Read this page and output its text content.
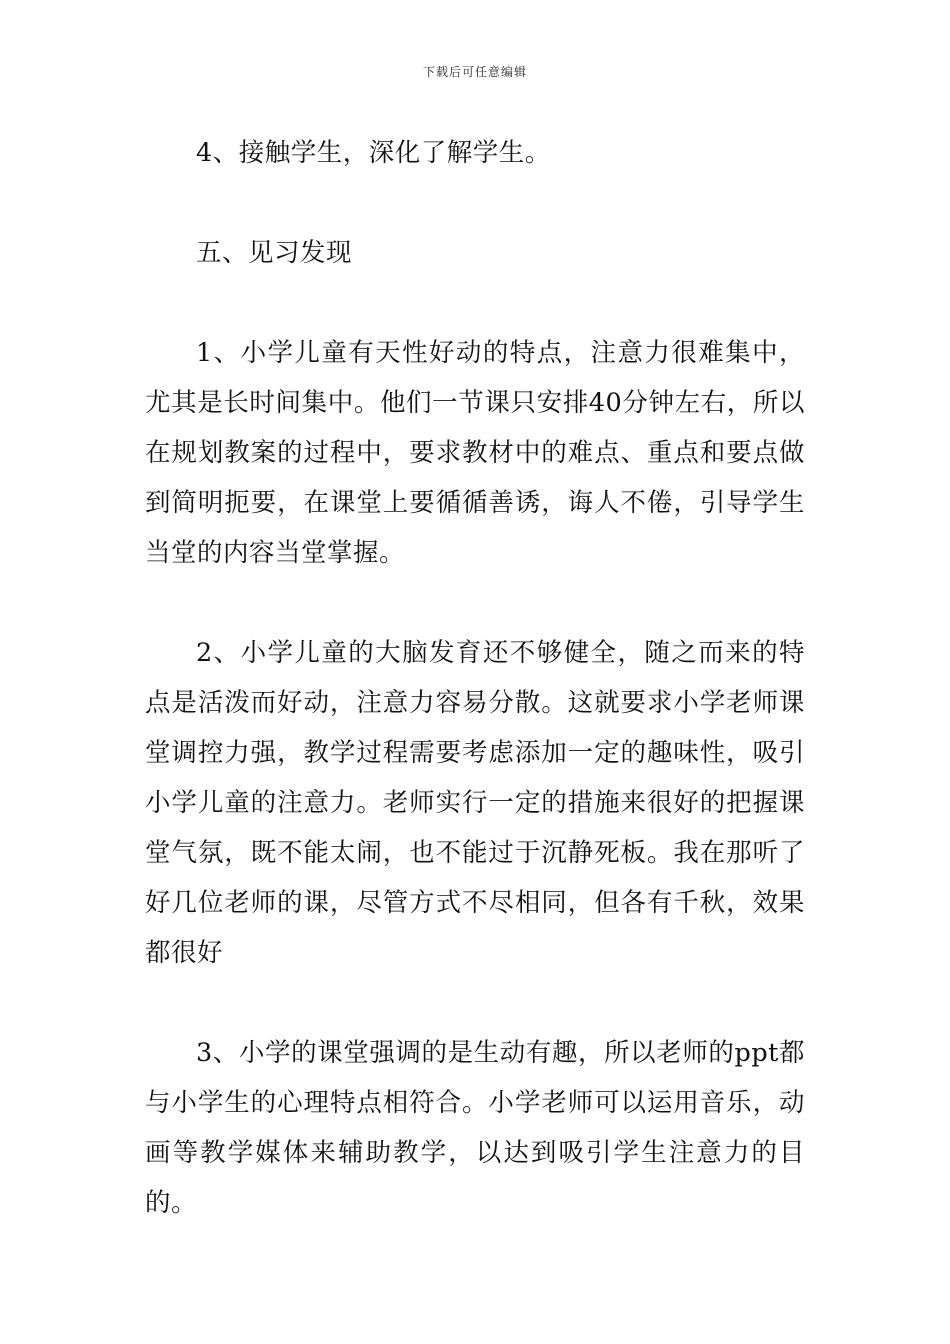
下载后可任意编辑

4、接触学生，深化了解学生。

五、见习发现

1、小学儿童有天性好动的特点，注意力很难集中，尤其是长时间集中。他们一节课只安排40分钟左右，所以在规划教案的过程中，要求教材中的难点、重点和要点做到简明扼要，在课堂上要循循善诱，诲人不倦，引导学生当堂的内容当堂掌握。

2、小学儿童的大脑发育还不够健全，随之而来的特点是活泼而好动，注意力容易分散。这就要求小学老师课堂调控力强，教学过程需要考虑添加一定的趣味性，吸引小学儿童的注意力。老师实行一定的措施来很好的把握课堂气氛，既不能太闹，也不能过于沉静死板。我在那听了好几位老师的课，尽管方式不尽相同，但各有千秋，效果都很好

3、小学的课堂强调的是生动有趣，所以老师的ppt都与小学生的心理特点相符合。小学老师可以运用音乐，动画等教学媒体来辅助教学，以达到吸引学生注意力的目的。
